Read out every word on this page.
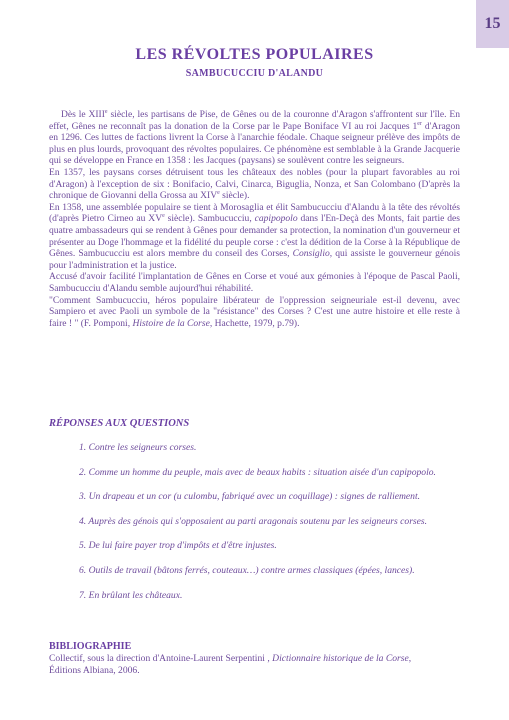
15
LES RÉVOLTES POPULAIRES
SAMBUCUCCIU D'ALANDU

Dès le XIIIe siècle, les partisans de Pise, de Gênes ou de la couronne d'Aragon s'affrontent sur l'île. En effet, Gênes ne reconnaît pas la donation de la Corse par le Pape Boniface VI au roi Jacques 1er d'Aragon en 1296. Ces luttes de factions livrent la Corse à l'anarchie féodale. Chaque seigneur prélève des impôts de plus en plus lourds, provoquant des révoltes populaires. Ce phénomène est semblable à la Grande Jacquerie qui se développe en France en 1358 : les Jacques (paysans) se soulèvent contre les seigneurs.

En 1357, les paysans corses détruisent tous les châteaux des nobles (pour la plupart favorables au roi d'Aragon) à l'exception de six : Bonifacio, Calvi, Cinarca, Biguglia, Nonza, et San Colombano (D'après la chronique de Giovanni della Grossa au XIVe siècle).

En 1358, une assemblée populaire se tient à Morosaglia et élit Sambucucciu d'Alandu à la tête des révoltés (d'après Pietro Cirneo au XVe siècle). Sambucucciu, capipopolo dans l'En-Deçà des Monts, fait partie des quatre ambassadeurs qui se rendent à Gênes pour demander sa protection, la nomination d'un gouverneur et présenter au Doge l'hommage et la fidélité du peuple corse : c'est la dédition de la Corse à la République de Gênes. Sambucucciu est alors membre du conseil des Corses, Consiglio, qui assiste le gouverneur génois pour l'administration et la justice.

Accusé d'avoir facilité l'implantation de Gênes en Corse et voué aux gémonies à l'époque de Pascal Paoli, Sambucucciu d'Alandu semble aujourd'hui réhabilité.

"Comment Sambucucciu, héros populaire libérateur de l'oppression seigneuriale est-il devenu, avec Sampiero et avec Paoli un symbole de la "résistance" des Corses ? C'est une autre histoire et elle reste à faire ! " (F. Pomponi, Histoire de la Corse, Hachette, 1979, p.79).

RÉPONSES AUX QUESTIONS
1. Contre les seigneurs corses.
2. Comme un homme du peuple, mais avec de beaux habits : situation aisée d'un capipopolo.
3. Un drapeau et un cor (u culombu, fabriqué avec un coquillage) : signes de ralliement.
4. Auprès des génois qui s'opposaient au parti aragonais soutenu par les seigneurs corses.
5. De lui faire payer trop d'impôts et d'être injustes.
6. Outils de travail (bâtons ferrés, couteaux…) contre armes classiques (épées, lances).
7. En brûlant les châteaux.
BIBLIOGRAPHIE

Collectif, sous la direction d'Antoine-Laurent Serpentini , Dictionnaire historique de la Corse,
Éditions Albiana, 2006.
